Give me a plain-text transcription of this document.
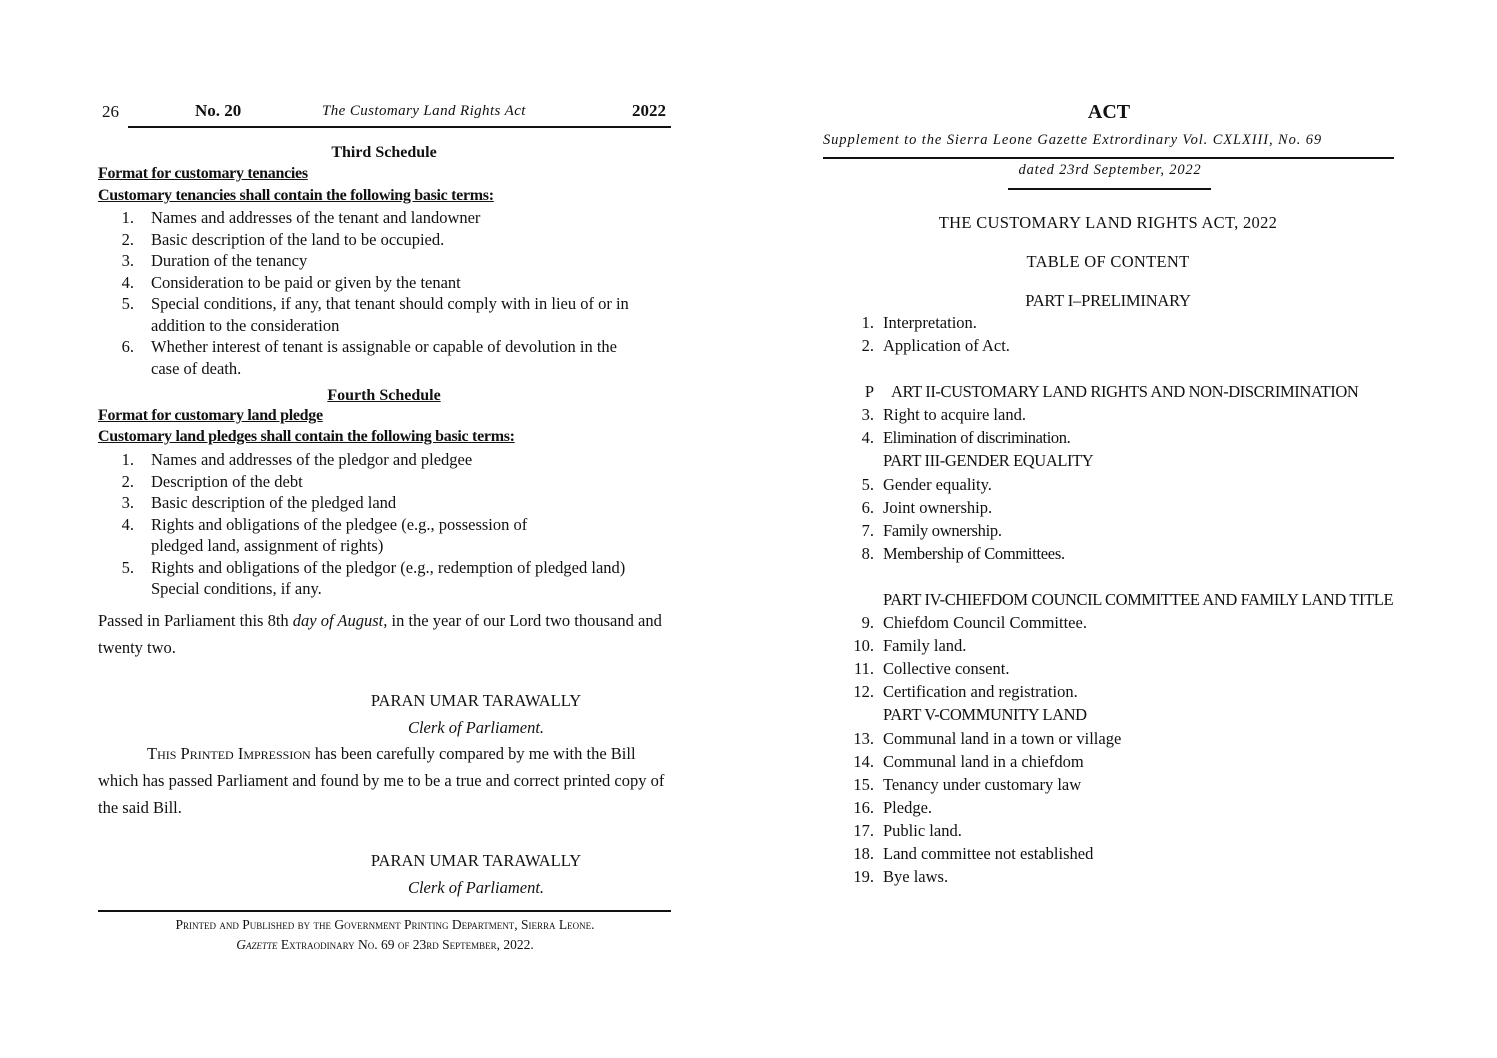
26	No. 20	The Customary Land Rights Act	2022
Third Schedule
Format for customary tenancies
Customary tenancies shall contain the following basic terms:
1.	Names and addresses of the tenant and landowner
2.	Basic description of the land to be occupied.
3.	Duration of the tenancy
4.	Consideration to be paid or given by the tenant
5.	Special conditions, if any, that tenant should comply with in lieu of or in addition to the consideration
6.	Whether interest of tenant is assignable or capable of devolution in the case of death.
Fourth Schedule
Format for customary land pledge
Customary land pledges shall contain the following basic terms:
1.	Names and addresses of the pledgor and pledgee
2.	Description of the debt
3.	Basic description of the pledged land
4.	Rights and obligations of the pledgee (e.g., possession of pledged land, assignment of rights)
5.	Rights and obligations of the pledgor (e.g., redemption of pledged land) Special conditions, if any.
Passed in Parliament this 8th day of August, in the year of our Lord two thousand and twenty two.
PARAN UMAR TARAWALLY
Clerk of Parliament.
This Printed Impression has been carefully compared by me with the Bill which has passed Parliament and found by me to be a true and correct printed copy of the said Bill.
PARAN UMAR TARAWALLY
Clerk of Parliament.
Printed and Published by the Government Printing Department, Sierra Leone.
Gazette Extraodinary No. 69 of 23rd September, 2022.
ACT
Supplement to the Sierra Leone Gazette Extrordinary Vol. CXLXIII, No. 69
dated 23rd September, 2022
THE CUSTOMARY LAND RIGHTS ACT, 2022
TABLE OF CONTENT
PART I–PRELIMINARY
1. Interpretation.
2. Application of Act.
P ART II-CUSTOMARY LAND RIGHTS AND NON-DISCRIMINATION
3. Right to acquire land.
4. Elimination of discrimination.
PART III-GENDER EQUALITY
5. Gender equality.
6. Joint ownership.
7. Family ownership.
8. Membership of Committees.
PART IV-CHIEFDOM COUNCIL COMMITTEE AND FAMILY LAND TITLE
9. Chiefdom Council Committee.
10. Family land.
11. Collective consent.
12. Certification and registration.
PART V-COMMUNITY LAND
13. Communal land in a town or village
14. Communal land in a chiefdom
15. Tenancy under customary law
16. Pledge.
17. Public land.
18. Land committee not established
19. Bye laws.
